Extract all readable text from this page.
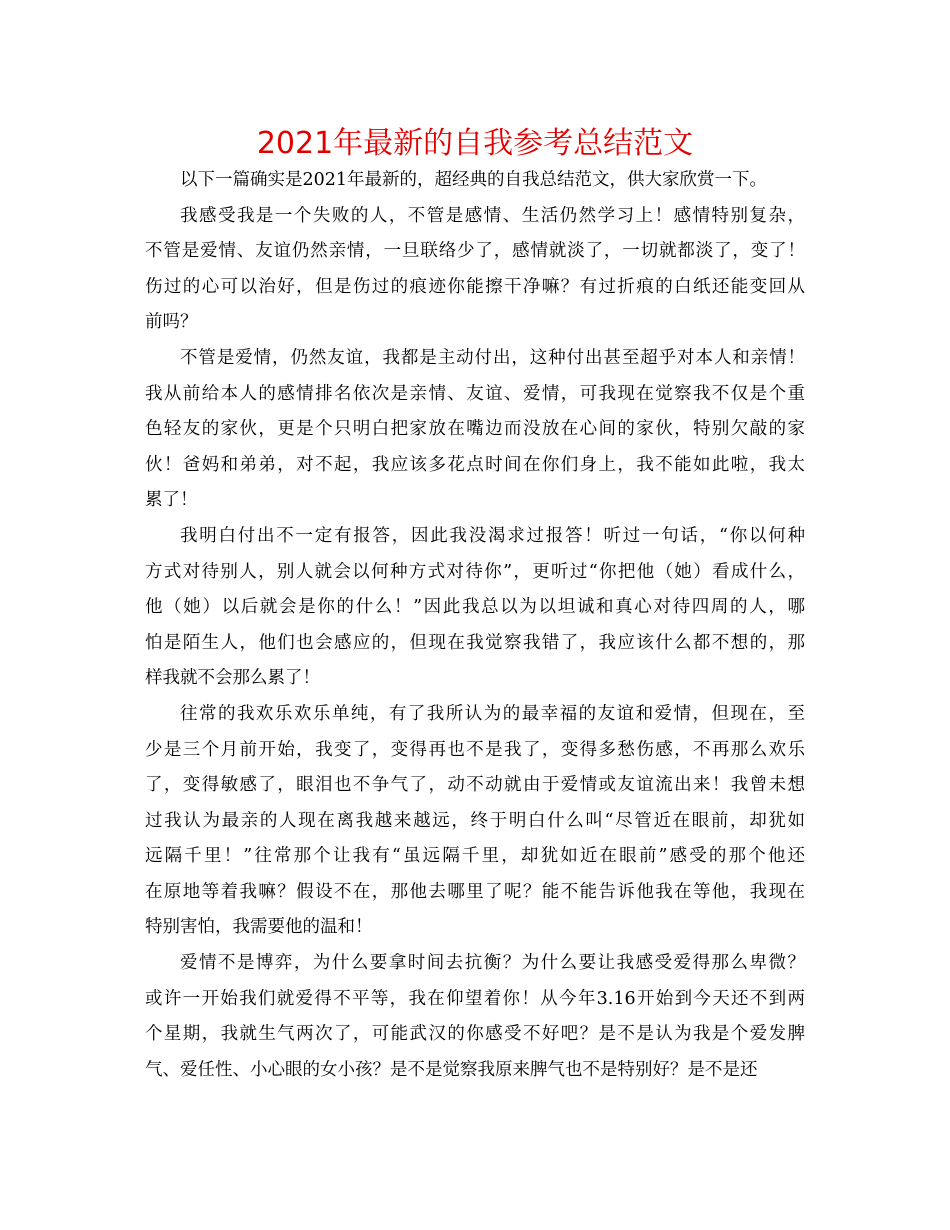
2021年最新的自我参考总结范文
以下一篇确实是2021年最新的，超经典的自我总结范文，供大家欣赏一下。
我感受我是一个失败的人，不管是感情、生活仍然学习上！感情特别复杂，
不管是爱情、友谊仍然亲情，一旦联络少了，感情就淡了，一切就都淡了，变了！
伤过的心可以治好，但是伤过的痕迹你能擦干净嘛？有过折痕的白纸还能变回从
前吗？
不管是爱情，仍然友谊，我都是主动付出，这种付出甚至超乎对本人和亲情！
我从前给本人的感情排名依次是亲情、友谊、爱情，可我现在觉察我不仅是个重
色轻友的家伙，更是个只明白把家放在嘴边而没放在心间的家伙，特别欠敲的家
伙！爸妈和弟弟，对不起，我应该多花点时间在你们身上，我不能如此啦，我太
累了！
我明白付出不一定有报答，因此我没渴求过报答！听过一句话，“你以何种
方式对待别人，别人就会以何种方式对待你”，更听过“你把他（她）看成什么，
他（她）以后就会是你的什么！”因此我总以为以坦诚和真心对待四周的人，哪
怕是陌生人，他们也会感应的，但现在我觉察我错了，我应该什么都不想的，那
样我就不会那么累了！
往常的我欢乐欢乐单纯，有了我所认为的最幸福的友谊和爱情，但现在，至
少是三个月前开始，我变了，变得再也不是我了，变得多愁伤感，不再那么欢乐
了，变得敏感了，眼泪也不争气了，动不动就由于爱情或友谊流出来！我曾未想
过我认为最亲的人现在离我越来越远，终于明白什么叫“尽管近在眼前，却犹如
远隔千里！”往常那个让我有“虽远隔千里，却犹如近在眼前”感受的那个他还
在原地等着我嘛？假设不在，那他去哪里了呢？能不能告诉他我在等他，我现在
特别害怕，我需要他的温和！
爱情不是博弈，为什么要拿时间去抗衡？为什么要让我感受爱得那么卑微？
或许一开始我们就爱得不平等，我在仰望着你！从今年3.16开始到今天还不到两
个星期，我就生气两次了，可能武汉的你感受不好吧？是不是认为我是个爱发脾
气、爱任性、小心眼的女小孩？是不是觉察我原来脾气也不是特别好？是不是还
